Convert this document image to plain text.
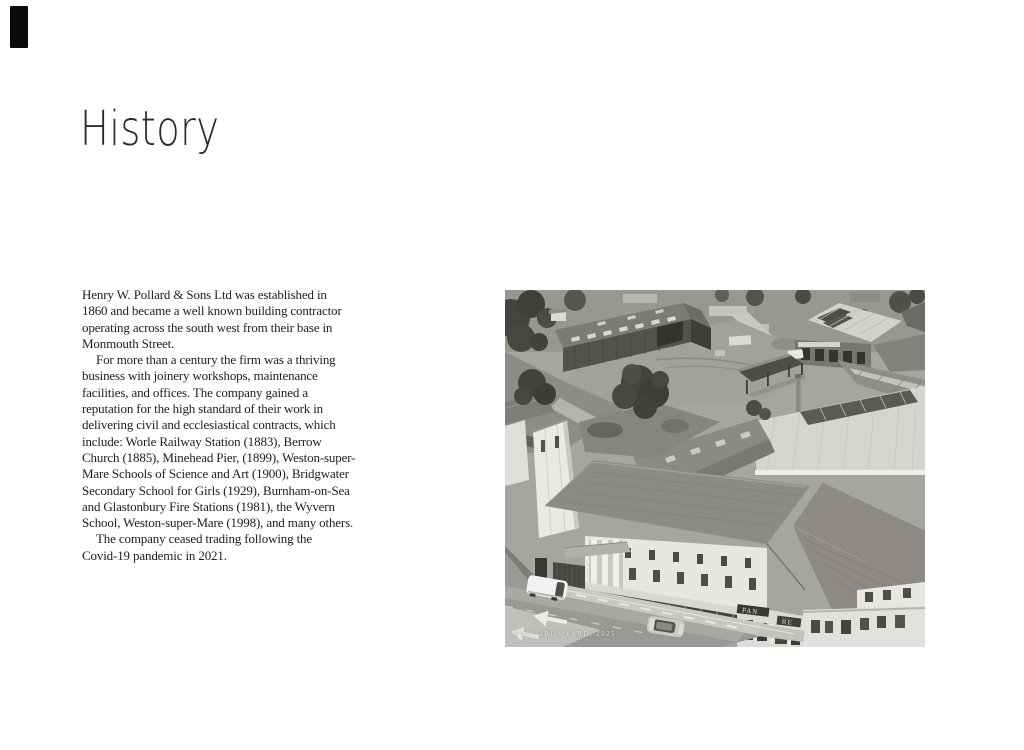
History
Henry W. Pollard & Sons Ltd was established in
1860 and became a well known building contractor
operating across the south west from their base in
Monmouth Street.
For more than a century the firm was a thriving
business with joinery workshops, maintenance
facilities, and offices. The company gained a
reputation for the high standard of their work in
delivering civil and ecclesiastical contracts, which
include: Worle Railway Station (1883), Berrow
Church (1885), Minehead Pier, (1899), Weston-super-
Mare Schools of Science and Art (1900), Bridgwater
Secondary School for Girls (1929), Burnham-on-Sea
and Glastonbury Fire Stations (1981), the Wyvern
School, Weston-super-Mare (1998), and many others.
The company ceased trading following the
Covid-19 pandemic in 2021.
PAN
RE
POLLARDS YARD, 2025
